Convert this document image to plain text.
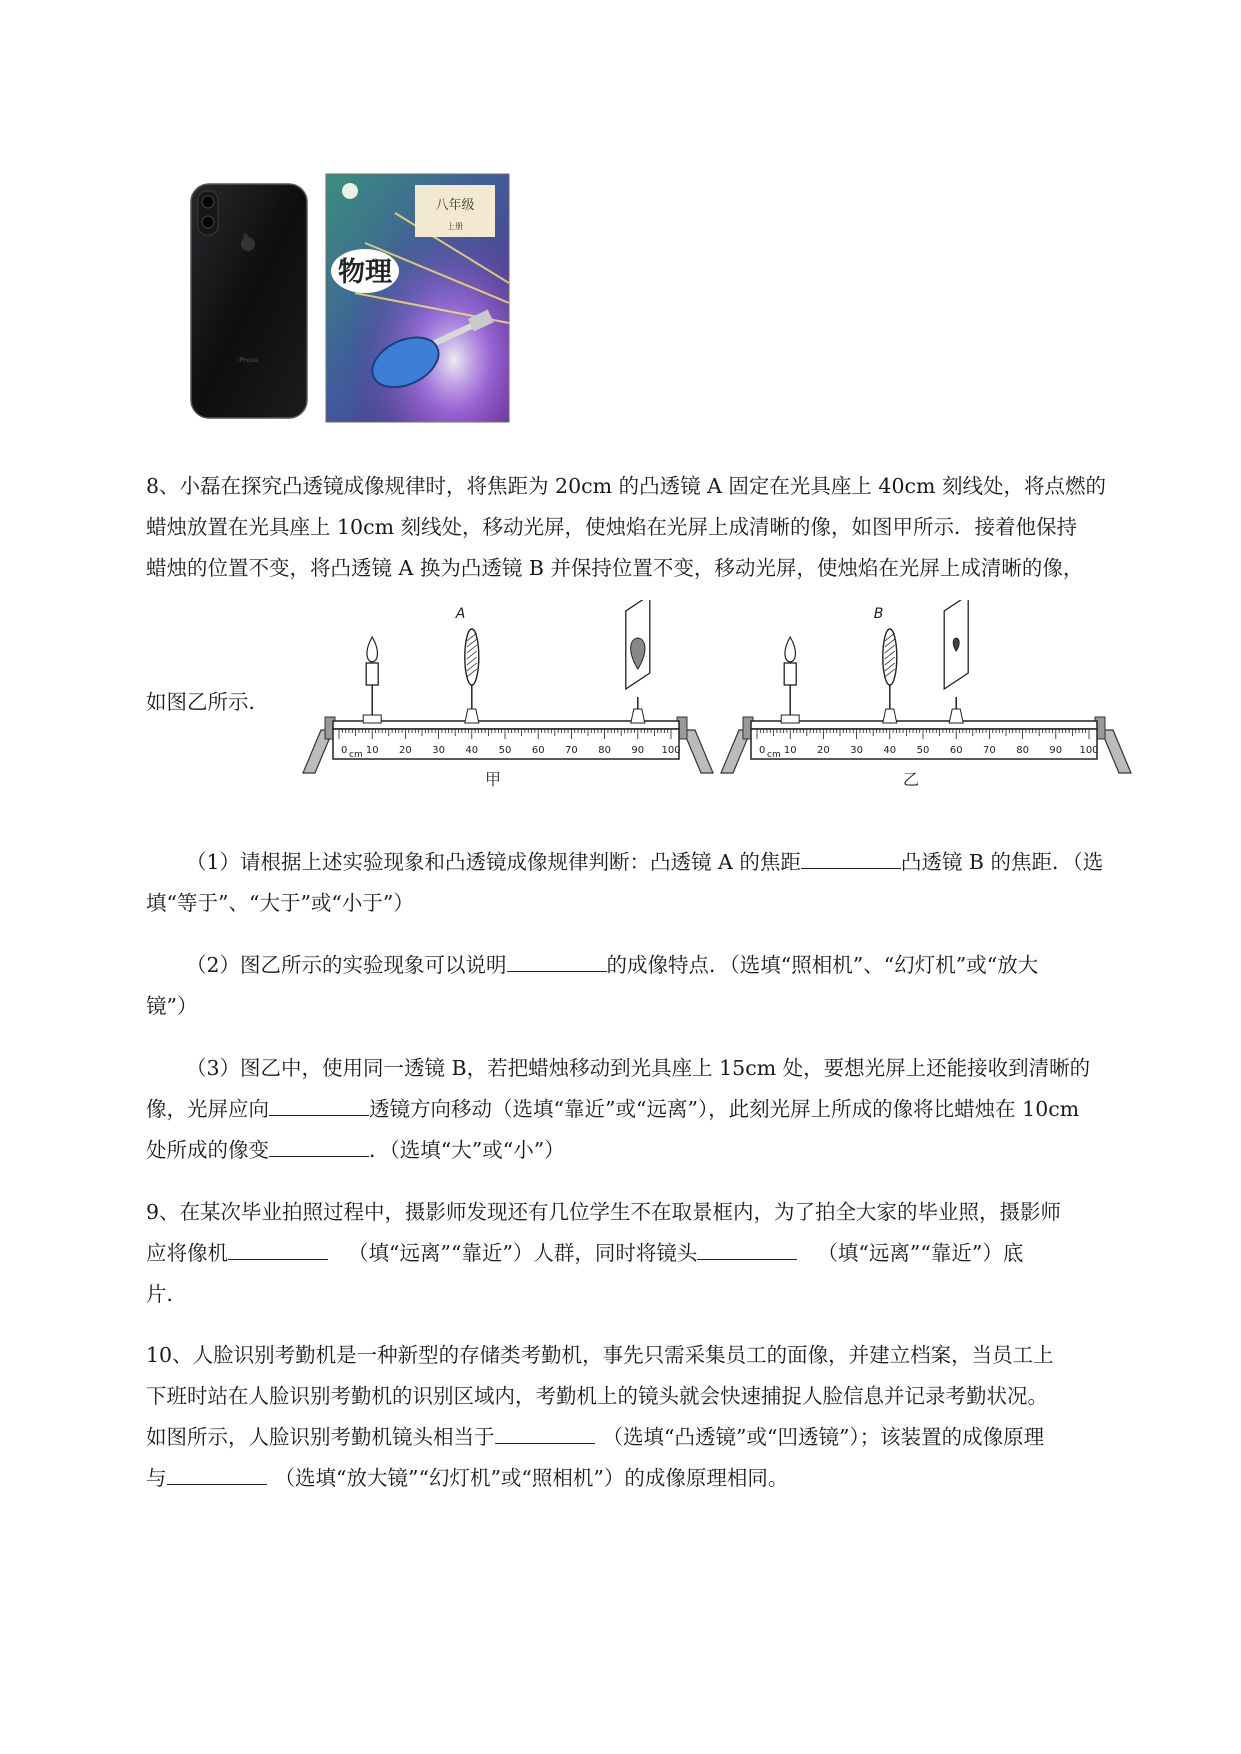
iPhone
八年级
上册
物理
8、小磊在探究凸透镜成像规律时，将焦距为 20cm 的凸透镜 A 固定在光具座上 40cm 刻线处，将点燃的
蜡烛放置在光具座上 10cm 刻线处，移动光屏，使烛焰在光屏上成清晰的像，如图甲所示．接着他保持
蜡烛的位置不变，将凸透镜 A 换为凸透镜 B 并保持位置不变，移动光屏，使烛焰在光屏上成清晰的像，
如图乙所示．
0 10 20 30 40 50 60 70 80 90 100
cm
A
甲
0 10 20 30 40 50 60 70 80 90 100
cm
B
乙
（1）请根据上述实验现象和凸透镜成像规律判断：凸透镜 A 的焦距	凸透镜 B 的焦距．（选
填“等于”、“大于”或“小于”）
（2）图乙所示的实验现象可以说明	的成像特点．（选填“照相机”、“幻灯机”或“放大
镜”）
（3）图乙中，使用同一透镜 B，若把蜡烛移动到光具座上 15cm 处，要想光屏上还能接收到清晰的
像，光屏应向	透镜方向移动（选填“靠近”或“远离”），此刻光屏上所成的像将比蜡烛在 10cm
处所成的像变	．（选填“大”或“小”）
9、在某次毕业拍照过程中，摄影师发现还有几位学生不在取景框内，为了拍全大家的毕业照，摄影师
应将像机	（填“远离”“靠近”）人群，同时将镜头	（填“远离”“靠近”）底
片．
10、人脸识别考勤机是一种新型的存储类考勤机，事先只需采集员工的面像，并建立档案，当员工上
下班时站在人脸识别考勤机的识别区域内，考勤机上的镜头就会快速捕捉人脸信息并记录考勤状况。
如图所示，人脸识别考勤机镜头相当于	（选填“凸透镜”或“凹透镜”）；该装置的成像原理
与	（选填“放大镜”“幻灯机”或“照相机”）的成像原理相同。
